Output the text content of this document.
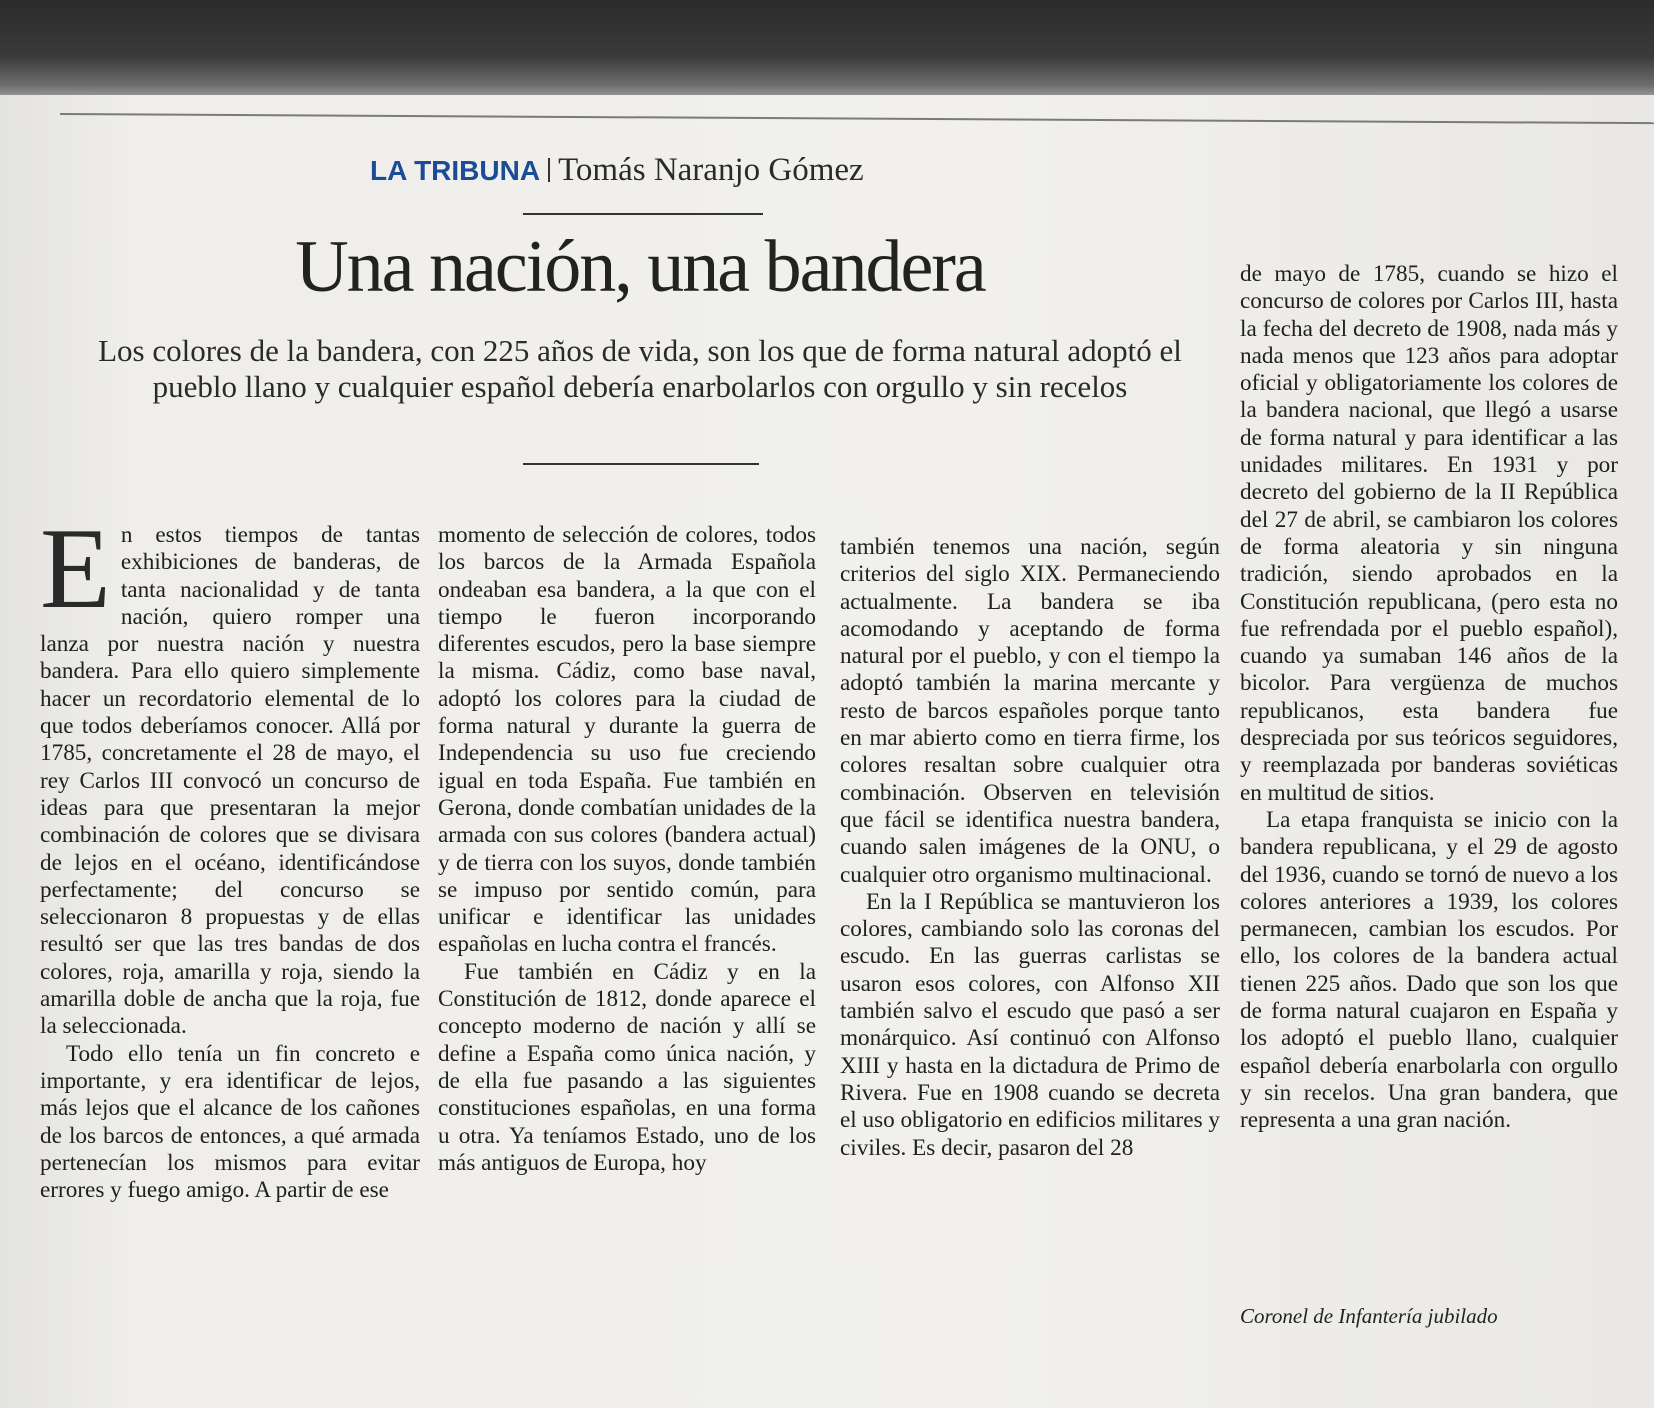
LA TRIBUNA Tomás Naranjo Gómez
Una nación, una bandera
Los colores de la bandera, con 225 años de vida, son los que de forma natural adoptó el pueblo llano y cualquier español debería enarbolarlos con orgullo y sin recelos
E n estos tiempos de tantas exhibiciones de banderas, de tanta nacionalidad y de tanta nación, quiero romper una lanza por nuestra nación y nuestra bandera. Para ello quiero simplemente hacer un recordatorio elemental de lo que todos deberíamos conocer. Allá por 1785, concretamente el 28 de mayo, el rey Carlos III convocó un concurso de ideas para que presentaran la mejor combinación de colores que se divisara de lejos en el océano, identificándose perfectamente; del concurso se seleccionaron 8 propuestas y de ellas resultó ser que las tres bandas de dos colores, roja, amarilla y roja, siendo la amarilla doble de ancha que la roja, fue la seleccionada.

Todo ello tenía un fin concreto e importante, y era identificar de lejos, más lejos que el alcance de los cañones de los barcos de entonces, a qué armada pertenecían los mismos para evitar errores y fuego amigo. A partir de ese

momento de selección de colores, todos los barcos de la Armada Española ondeaban esa bandera, a la que con el tiempo le fueron incorporando diferentes escudos, pero la base siempre la misma. Cádiz, como base naval, adoptó los colores para la ciudad de forma natural y durante la guerra de Independencia su uso fue creciendo igual en toda España. Fue también en Gerona, donde combatían unidades de la armada con sus colores (bandera actual) y de tierra con los suyos, donde también se impuso por sentido común, para unificar e identificar las unidades españolas en lucha contra el francés.

Fue también en Cádiz y en la Constitución de 1812, donde aparece el concepto moderno de nación y allí se define a España como única nación, y de ella fue pasando a las siguientes constituciones españolas, en una forma u otra. Ya teníamos Estado, uno de los más antiguos de Europa, hoy

también tenemos una nación, según criterios del siglo XIX. Permaneciendo actualmente. La bandera se iba acomodando y aceptando de forma natural por el pueblo, y con el tiempo la adoptó también la marina mercante y resto de barcos españoles porque tanto en mar abierto como en tierra firme, los colores resaltan sobre cualquier otra combinación. Observen en televisión que fácil se identifica nuestra bandera, cuando salen imágenes de la ONU, o cualquier otro organismo multinacional.

En la I República se mantuvieron los colores, cambiando solo las coronas del escudo. En las guerras carlistas se usaron esos colores, con Alfonso XII también salvo el escudo que pasó a ser monárquico. Así continuó con Alfonso XIII y hasta en la dictadura de Primo de Rivera. Fue en 1908 cuando se decreta el uso obligatorio en edificios militares y civiles. Es decir, pasaron del 28

de mayo de 1785, cuando se hizo el concurso de colores por Carlos III, hasta la fecha del decreto de 1908, nada más y nada menos que 123 años para adoptar oficial y obligatoriamente los colores de la bandera nacional, que llegó a usarse de forma natural y para identificar a las unidades militares. En 1931 y por decreto del gobierno de la II República del 27 de abril, se cambiaron los colores de forma aleatoria y sin ninguna tradición, siendo aprobados en la Constitución republicana, (pero esta no fue refrendada por el pueblo español), cuando ya sumaban 146 años de la bicolor. Para vergüenza de muchos republicanos, esta bandera fue despreciada por sus teóricos seguidores, y reemplazada por banderas soviéticas en multitud de sitios.

La etapa franquista se inicio con la bandera republicana, y el 29 de agosto del 1936, cuando se tornó de nuevo a los colores anteriores a 1939, los colores permanecen, cambian los escudos. Por ello, los colores de la bandera actual tienen 225 años. Dado que son los que de forma natural cuajaron en España y los adoptó el pueblo llano, cualquier español debería enarbolarla con orgullo y sin recelos. Una gran bandera, que representa a una gran nación.

Coronel de Infantería jubilado
